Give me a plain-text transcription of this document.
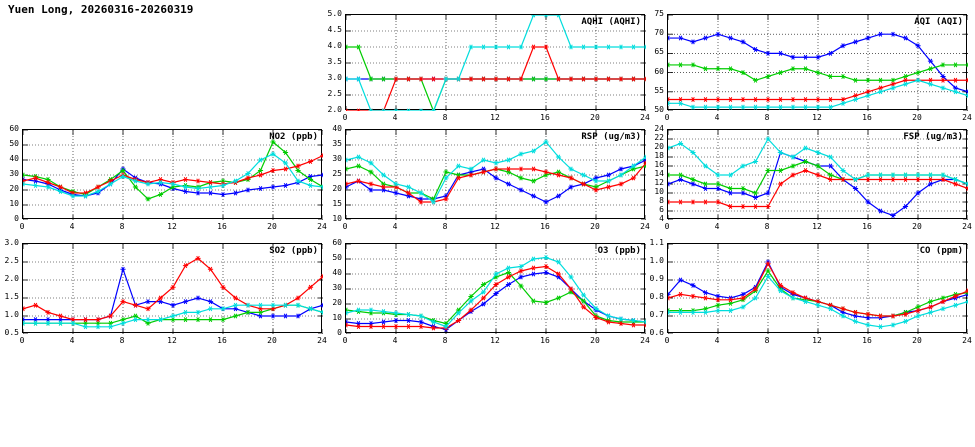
Yuen Long, 20260316-20260319
AQHI (AQHI)
2.0
2.5
3.0
3.5
4.0
4.5
5.0
0	4	8	12	16	20	24
AQI (AQI)
50
55
60
65
70
75
0	4	8	12	16	20	24
NO2 (ppb)
0
10
20
30
40
50
60
0	4	8	12	16	20	24
RSP (ug/m3)
10
15
20
25
30
35
40
0	4	8	12	16	20	24
FSP (ug/m3)
4
6
8
10
12
14
16
18
20
22
24
0	4	8	12	16	20	24
SO2 (ppb)
0.5
1.0
1.5
2.0
2.5
3.0
0	4	8	12	16	20	24
O3 (ppb)
0
10
20
30
40
50
60
0	4	8	12	16	20	24
CO (ppm)
0.6
0.7
0.8
0.9
1.0
1.1
0	4	8	12	16	20	24
